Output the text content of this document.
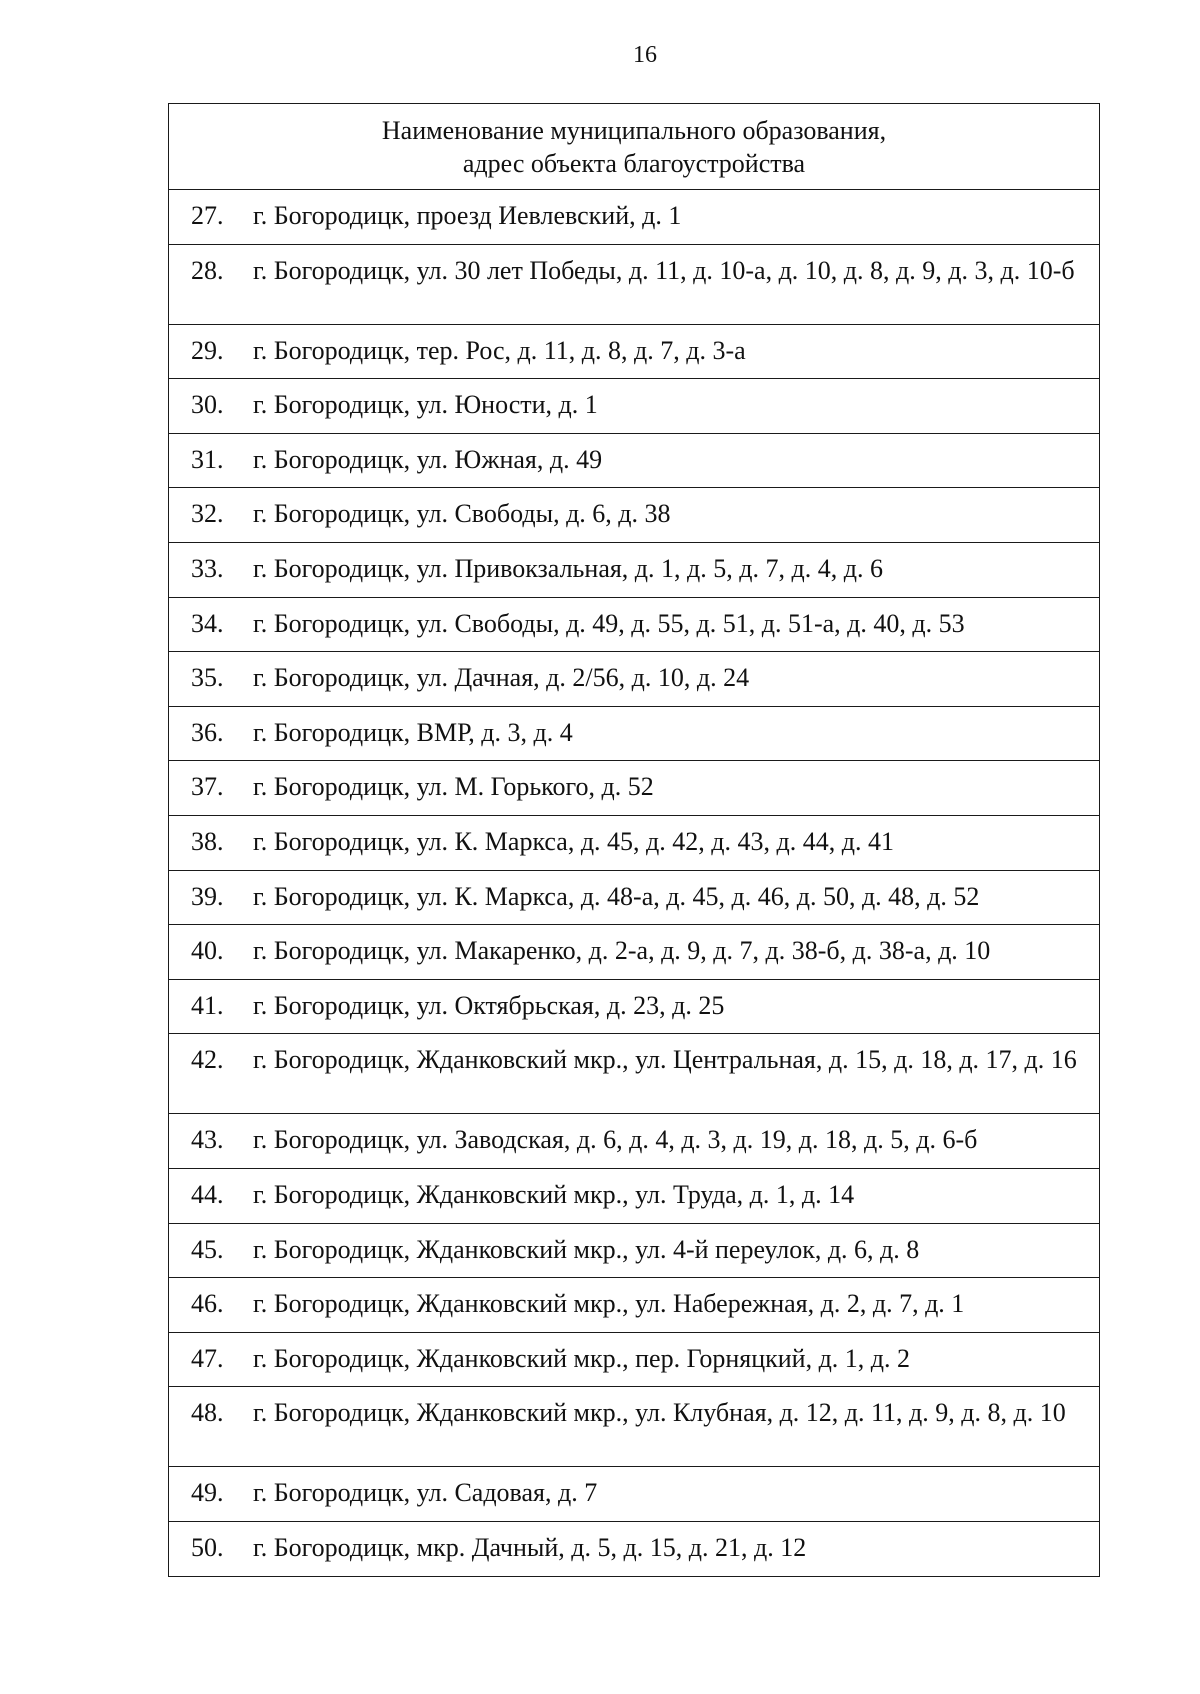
16
Наименование муниципального образования,
адрес объекта благоустройства
27.	г. Богородицк, проезд Иевлевский, д. 1
28.	г. Богородицк, ул. 30 лет Победы, д. 11, д. 10-а, д. 10, д. 8, д. 9, д. 3, д. 10-б
29.	г. Богородицк, тер. Рос, д. 11, д. 8, д. 7, д. 3-а
30.	г. Богородицк, ул. Юности, д. 1
31.	г. Богородицк, ул. Южная, д. 49
32.	г. Богородицк, ул. Свободы, д. 6, д. 38
33.	г. Богородицк, ул. Привокзальная, д. 1, д. 5, д. 7, д. 4, д. 6
34.	г. Богородицк, ул. Свободы, д. 49, д. 55, д. 51, д. 51-а, д. 40, д. 53
35.	г. Богородицк, ул. Дачная, д. 2/56, д. 10, д. 24
36.	г. Богородицк, ВМР, д. 3, д. 4
37.	г. Богородицк, ул. М. Горького, д. 52
38.	г. Богородицк, ул. К. Маркса, д. 45, д. 42, д. 43, д. 44, д. 41
39.	г. Богородицк, ул. К. Маркса, д. 48-а, д. 45, д. 46, д. 50, д. 48, д. 52
40.	г. Богородицк, ул. Макаренко, д. 2-а, д. 9, д. 7, д. 38-б, д. 38-а, д. 10
41.	г. Богородицк, ул. Октябрьская, д. 23, д. 25
42.	г. Богородицк, Жданковский мкр., ул. Центральная, д. 15, д. 18, д. 17, д. 16
43.	г. Богородицк, ул. Заводская, д. 6, д. 4, д. 3, д. 19, д. 18, д. 5, д. 6-б
44.	г. Богородицк, Жданковский мкр., ул. Труда, д. 1, д. 14
45.	г. Богородицк, Жданковский мкр., ул. 4-й переулок, д. 6, д. 8
46.	г. Богородицк, Жданковский мкр., ул. Набережная, д. 2, д. 7, д. 1
47.	г. Богородицк, Жданковский мкр., пер. Горняцкий, д. 1, д. 2
48.	г. Богородицк, Жданковский мкр., ул. Клубная, д. 12, д. 11, д. 9, д. 8, д. 10
49.	г. Богородицк, ул. Садовая, д. 7
50.	г. Богородицк, мкр. Дачный, д. 5, д. 15, д. 21, д. 12
